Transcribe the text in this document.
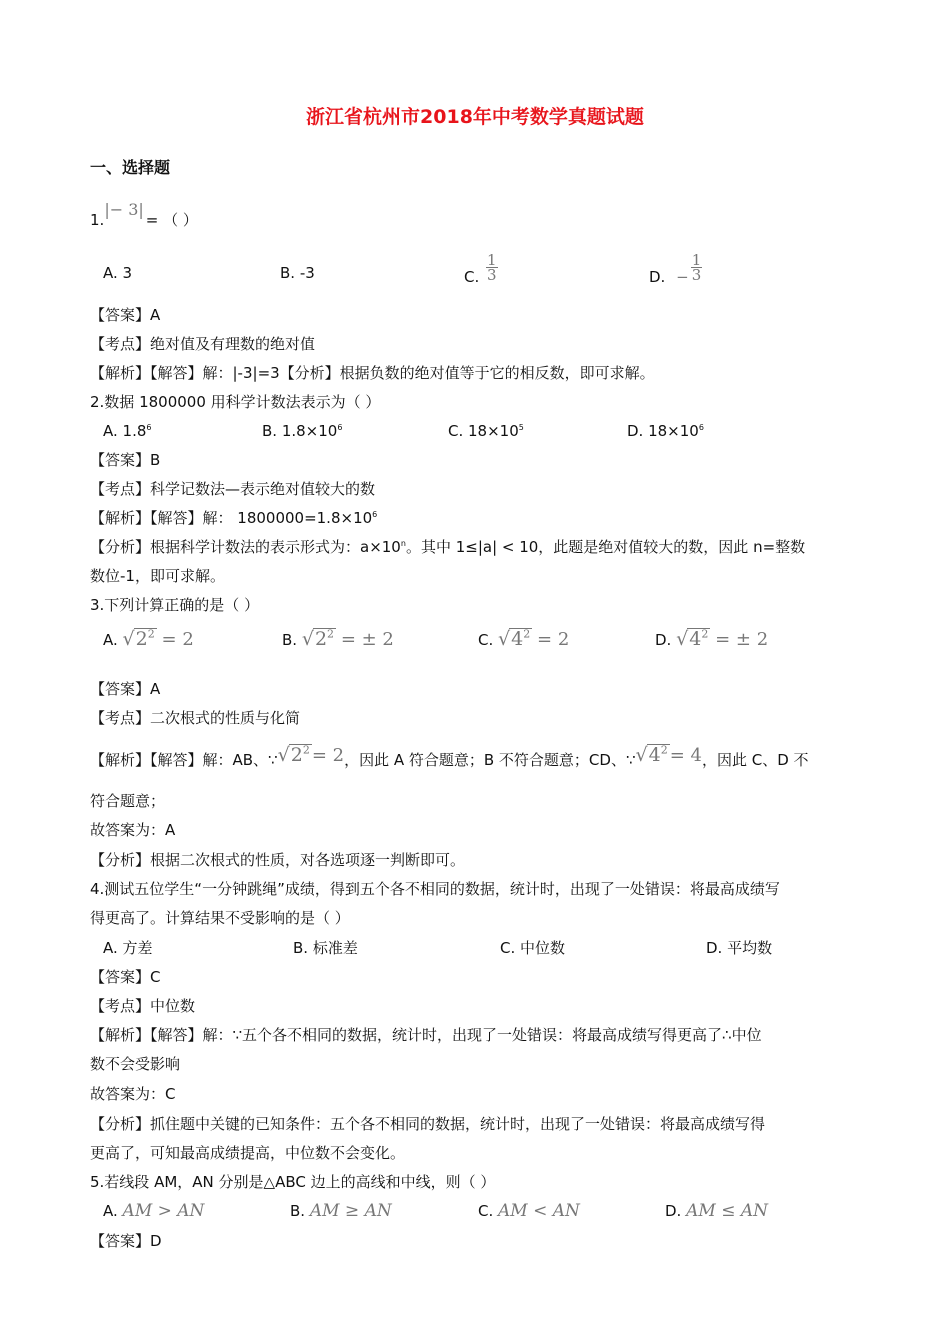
浙江省杭州市2018年中考数学真题试题
一、选择题
1.|− 3|= （ ）
A. 3	B. -3	C. $\frac{1}{3}$	D. − $\frac{1}{3}$
【答案】A
【考点】绝对值及有理数的绝对值
【解析】【解答】解：|-3|=3【分析】根据负数的绝对值等于它的相反数，即可求解。
2.数据 1800000 用科学计数法表示为（ ）
A. $1.8^6$	B. $1.8\times 10^6$	C. $18\times 10^5$	D. $18\times 10^6$
【答案】B
【考点】科学记数法—表示绝对值较大的数
【解析】【解答】解： $1800000=1.8\times 10^6$
【分析】根据科学计数法的表示形式为：$a\times 10^n$。其中 1≤|a| < 10，此题是绝对值较大的数，因此 n=整数
数位-1，即可求解。
3.下列计算正确的是（ ）
A. $√2^2 = 2$	B. $√2^2$ = ± 2	C. $√4^2 = 2$	D. $√4^2$ = ± 2
【答案】A
【考点】二次根式的性质与化简
【解析】【解答】解：AB、$\because√2^2 = 2$，因此 A 符合题意；B 不符合题意；CD、$\because√4^2 = 4$，因此 C、D 不
符合题意；
故答案为：A
【分析】根据二次根式的性质，对各选项逐一判断即可。
4.测试五位学生“一分钟跳绳”成绩，得到五个各不相同的数据，统计时，出现了一处错误：将最高成绩写
得更高了。计算结果不受影响的是（ ）
A. 方差	B. 标准差	C. 中位数	D. 平均数
【答案】C
【考点】中位数
【解析】【解答】解：∵五个各不相同的数据，统计时，出现了一处错误：将最高成绩写得更高了∴中位
数不会受影响
故答案为：C
【分析】抓住题中关键的已知条件：五个各不相同的数据，统计时，出现了一处错误：将最高成绩写得
更高了，可知最高成绩提高，中位数不会变化。
5.若线段 AM，AN 分别是△ABC 边上的高线和中线，则（ ）
A. AM > AN	B. AM ≥ AN	C. AM < AN	D. AM ≤ AN
【答案】D
